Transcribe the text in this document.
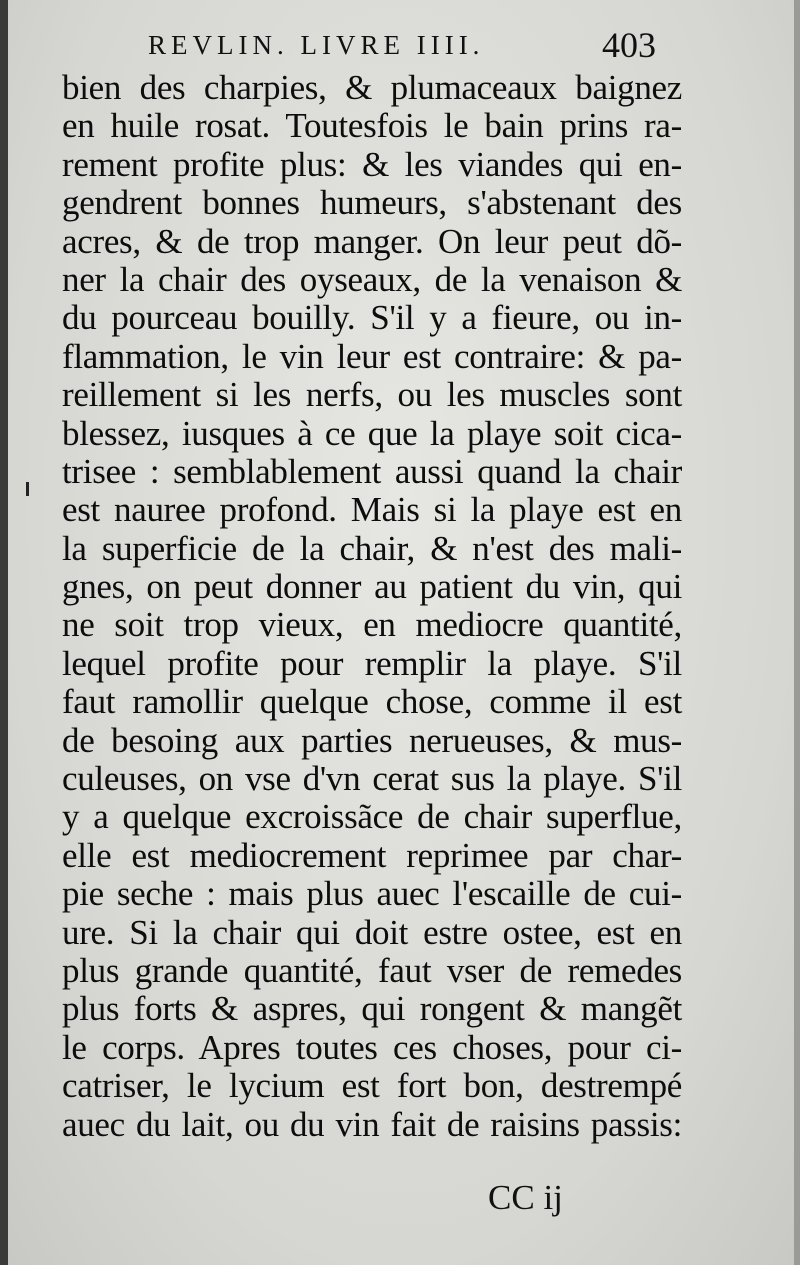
REVLIN. LIVRE IIII.	403
bien des charpies, & plumaceaux baignez
en huile rosat. Toutesfois le bain prins ra-
rement profite plus: & les viandes qui en-
gendrent bonnes humeurs, s'abstenant des
acres, & de trop manger. On leur peut dõ-
ner la chair des oyseaux, de la venaison &
du pourceau bouilly. S'il y a fieure, ou in-
flammation, le vin leur est contraire: & pa-
reillement si les nerfs, ou les muscles sont
blessez, iusques à ce que la playe soit cica-
trisee : semblablement aussi quand la chair
est nauree profond. Mais si la playe est en
la superficie de la chair, & n'est des mali-
gnes, on peut donner au patient du vin, qui
ne soit trop vieux, en mediocre quantité,
lequel profite pour remplir la playe. S'il
faut ramollir quelque chose, comme il est
de besoing aux parties nerueuses, & mus-
culeuses, on vse d'vn cerat sus la playe. S'il
y a quelque excroissãce de chair superflue,
elle est mediocrement reprimee par char-
pie seche : mais plus auec l'escaille de cui-
ure. Si la chair qui doit estre ostee, est en
plus grande quantité, faut vser de remedes
plus forts & aspres, qui rongent & mangẽt
le corps. Apres toutes ces choses, pour ci-
catriser, le lycium est fort bon, destrempé
auec du lait, ou du vin fait de raisins passis:
CC ij
